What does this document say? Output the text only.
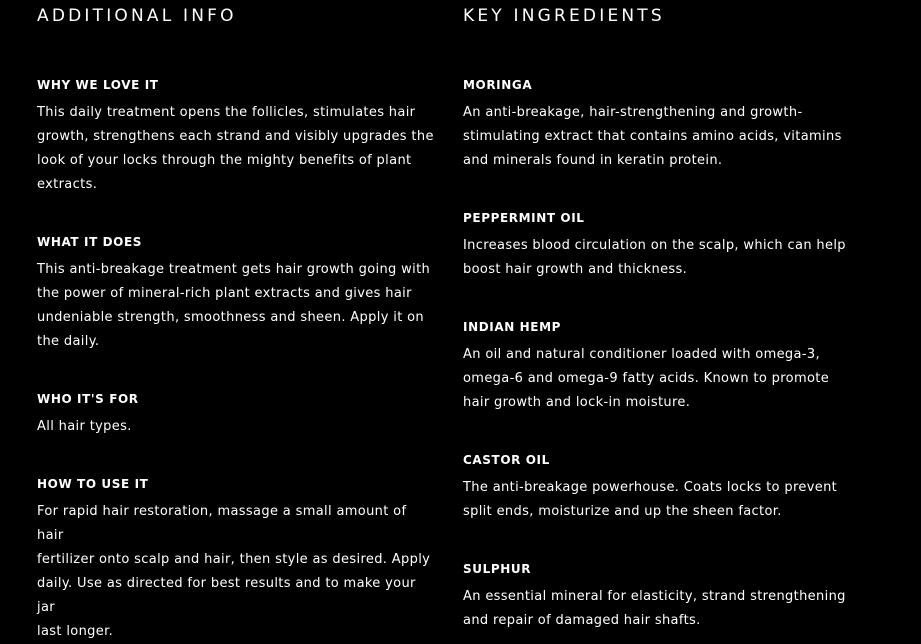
ADDITIONAL INFO
WHY WE LOVE IT

This daily treatment opens the follicles, stimulates hair
growth, strengthens each strand and visibly upgrades the
look of your locks through the mighty benefits of plant
extracts.

WHAT IT DOES

This anti-breakage treatment gets hair growth going with
the power of mineral-rich plant extracts and gives hair
undeniable strength, smoothness and sheen. Apply it on
the daily.

WHO IT'S FOR

All hair types.

HOW TO USE IT

For rapid hair restoration, massage a small amount of hair
fertilizer onto scalp and hair, then style as desired. Apply
daily. Use as directed for best results and to make your jar
last longer.

KEY INGREDIENTS
MORINGA

An anti-breakage, hair-strengthening and growth-
stimulating extract that contains amino acids, vitamins
and minerals found in keratin protein.

PEPPERMINT OIL

Increases blood circulation on the scalp, which can help
boost hair growth and thickness.

INDIAN HEMP

An oil and natural conditioner loaded with omega-3,
omega-6 and omega-9 fatty acids. Known to promote
hair growth and lock-in moisture.

CASTOR OIL

The anti-breakage powerhouse. Coats locks to prevent
split ends, moisturize and up the sheen factor.

SULPHUR

An essential mineral for elasticity, strand strengthening
and repair of damaged hair shafts.
